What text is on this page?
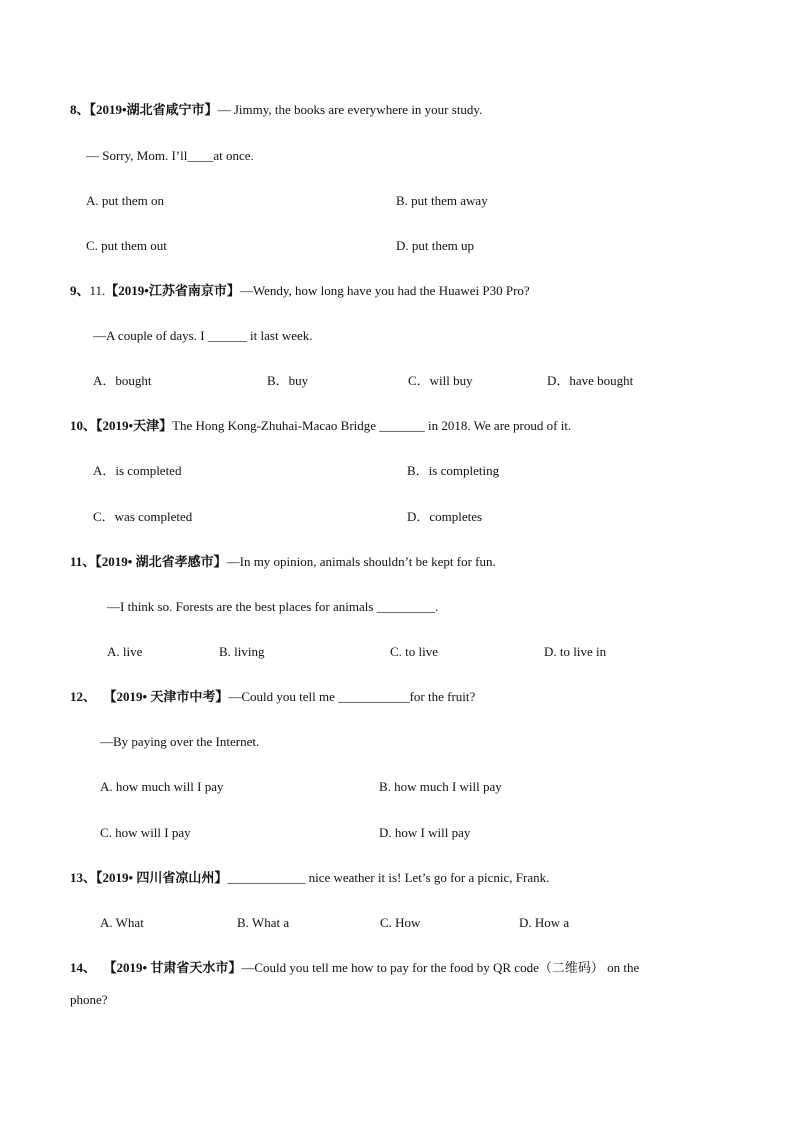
8、【2019•湖北省咸宁市】— Jimmy, the books are everywhere in your study.
— Sorry, Mom. I’ll____at once.
A. put them on	B. put them away
C. put them out	D. put them up
9、11.【2019•江苏省南京市】—Wendy, how long have you had the Huawei P30 Pro?
—A couple of days. I ______ it last week.
A．bought	B．buy	C．will buy	D．have bought
10、【2019•天津】The Hong Kong-Zhuhai-Macao Bridge _______ in 2018. We are proud of it.
A．is completed	B．is completing
C．was completed	D．completes
11、【2019• 湖北省孝感市】—In my opinion, animals shouldn’t be kept for fun.
—I think so. Forests are the best places for animals _________.
A. live	B. living	C. to live	D. to live in
12、 【2019• 天津市中考】—Could you tell me ___________for the fruit?
—By paying over the Internet.
A. how much will I pay	B. how much I will pay
C. how will I pay	D. how I will pay
13、【2019• 四川省凉山州】____________ nice weather it is! Let’s go for a picnic, Frank.
A. What	B. What a	C. How	D. How a
14、 【2019• 甘肃省天水市】—Could you tell me how to pay for the food by QR code（二维码） on the
phone?
